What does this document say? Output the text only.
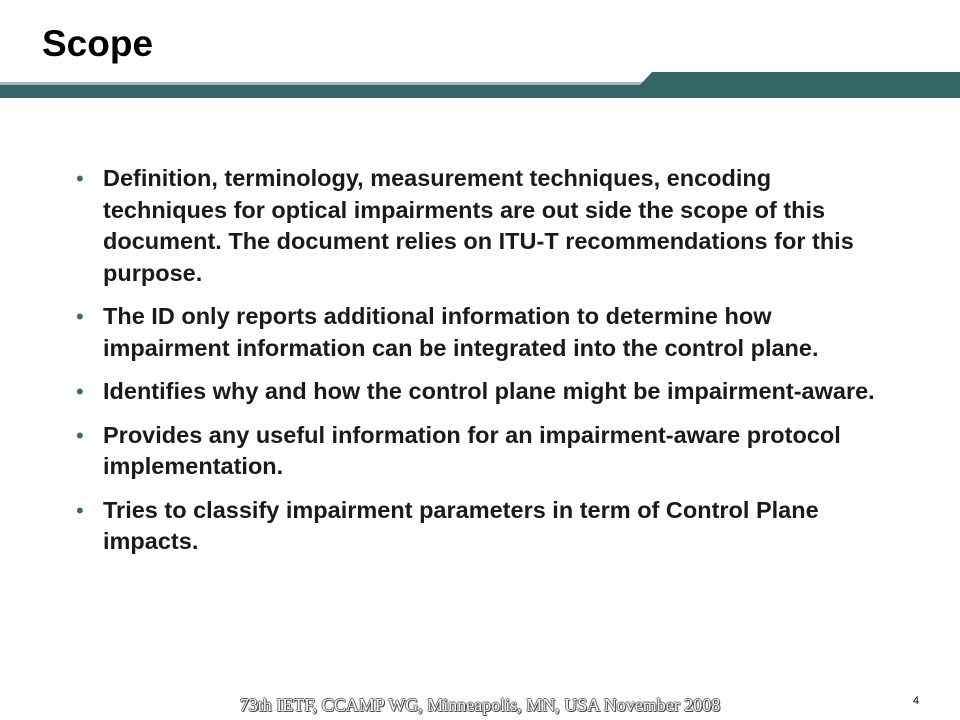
Scope
• Definition, terminology, measurement techniques, encoding techniques for optical impairments are out side the scope of this document. The document relies on ITU-T recommendations for this purpose.
• The ID only reports additional information to determine how impairment information can be integrated into the control plane.
• Identifies why and how the control plane might be impairment-aware.
• Provides any useful information for an impairment-aware protocol implementation.
• Tries to classify impairment parameters in term of Control Plane impacts.
73th IETF, CCAMP WG, Minneapolis, MN, USA November 2008	4
